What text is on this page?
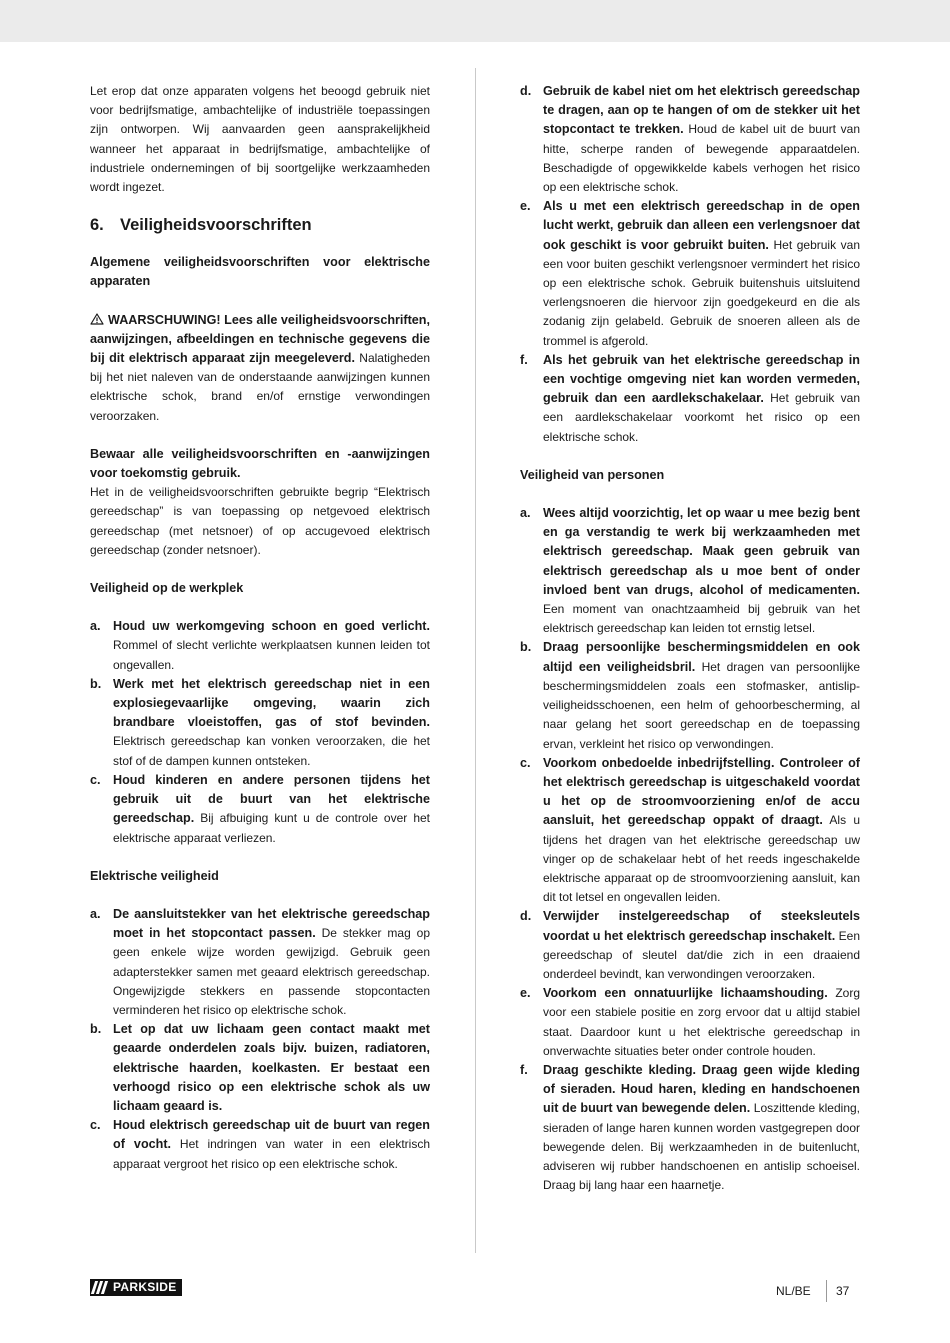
Let erop dat onze apparaten volgens het beoogd gebruik niet voor bedrijfsmatige, ambachtelijke of industriële toepassingen zijn ontworpen. Wij aanvaarden geen aansprakelijkheid wanneer het apparaat in bedrijfsmatige, ambachtelijke of industriele ondernemingen of bij soortgelijke werkzaamheden wordt ingezet.

6. Veiligheidsvoorschriften
Algemene veiligheidsvoorschriften voor elektrische apparaten

WAARSCHUWING! Lees alle veiligheidsvoorschriften, aanwijzingen, afbeeldingen en technische gegevens die bij dit elektrisch apparaat zijn meegeleverd. Nalatigheden bij het niet naleven van de onderstaande aanwijzingen kunnen elektrische schok, brand en/of ernstige verwondingen veroorzaken.

Bewaar alle veiligheidsvoorschriften en -aanwijzingen voor toekomstig gebruik.

Het in de veiligheidsvoorschriften gebruikte begrip “Elektrisch gereedschap” is van toepassing op netgevoed elektrisch gereedschap (met netsnoer) of op accugevoed elektrisch gereedschap (zonder netsnoer).

Veiligheid op de werkplek
a. Houd uw werkomgeving schoon en goed verlicht. Rommel of slecht verlichte werkplaatsen kunnen leiden tot ongevallen.
b. Werk met het elektrisch gereedschap niet in een explosiegevaarlijke omgeving, waarin zich brandbare vloeistoffen, gas of stof bevinden. Elektrisch gereedschap kan vonken veroorzaken, die het stof of de dampen kunnen ontsteken.
c. Houd kinderen en andere personen tijdens het gebruik uit de buurt van het elektrische gereedschap. Bij afbuiging kunt u de controle over het elektrische apparaat verliezen.
Elektrische veiligheid
a. De aansluitstekker van het elektrische gereedschap moet in het stopcontact passen. De stekker mag op geen enkele wijze worden gewijzigd. Gebruik geen adapterstekker samen met geaard elektrisch gereedschap. Ongewijzigde stekkers en passende stopcontacten verminderen het risico op elektrische schok.
b. Let op dat uw lichaam geen contact maakt met geaarde onderdelen zoals bijv. buizen, radiatoren, elektrische haarden, koelkasten. Er bestaat een verhoogd risico op een elektrische schok als uw lichaam geaard is.
c. Houd elektrisch gereedschap uit de buurt van regen of vocht. Het indringen van water in een elektrisch apparaat vergroot het risico op een elektrische schok.
d. Gebruik de kabel niet om het elektrisch gereedschap te dragen, aan op te hangen of om de stekker uit het stopcontact te trekken. Houd de kabel uit de buurt van hitte, scherpe randen of bewegende apparaatdelen. Beschadigde of opgewikkelde kabels verhogen het risico op een elektrische schok.
e. Als u met een elektrisch gereedschap in de open lucht werkt, gebruik dan alleen een verlengsnoer dat ook geschikt is voor gebruikt buiten. Het gebruik van een voor buiten geschikt verlengsnoer vermindert het risico op een elektrische schok. Gebruik buitenshuis uitsluitend verlengsnoeren die hiervoor zijn goedgekeurd en die als zodanig zijn gelabeld. Gebruik de snoeren alleen als de trommel is afgerold.
f.	Als het gebruik van het elektrische gereedschap in een vochtige omgeving niet kan worden vermeden, gebruik dan een aardlekschakelaar. Het gebruik van een aardlekschakelaar voorkomt het risico op een elektrische schok.
Veiligheid van personen
a. Wees altijd voorzichtig, let op waar u mee bezig bent en ga verstandig te werk bij werkzaamheden met elektrisch gereedschap. Maak geen gebruik van elektrisch gereedschap als u moe bent of onder invloed bent van drugs, alcohol of medicamenten. Een moment van onachtzaamheid bij gebruik van het elektrisch gereedschap kan leiden tot ernstig letsel.
b. Draag persoonlijke beschermingsmiddelen en ook altijd een veiligheidsbril. Het dragen van persoonlijke beschermingsmiddelen zoals een stofmasker, antislip-veiligheidsschoenen, een helm of gehoorbescherming, al naar gelang het soort gereedschap en de toepassing ervan, verkleint het risico op verwondingen.
c. Voorkom onbedoelde inbedrijfstelling. Controleer of het elektrisch gereedschap is uitgeschakeld voordat u het op de stroomvoorziening en/of de accu aansluit, het gereedschap oppakt of draagt. Als u tijdens het dragen van het elektrische gereedschap uw vinger op de schakelaar hebt of het reeds ingeschakelde elektrische apparaat op de stroomvoorziening aansluit, kan dit tot letsel en ongevallen leiden.
d. Verwijder instelgereedschap of steeksleutels voordat u het elektrisch gereedschap inschakelt. Een gereedschap of sleutel dat/die zich in een draaiend onderdeel bevindt, kan verwondingen veroorzaken.
e. Voorkom een onnatuurlijke lichaamshouding. Zorg voor een stabiele positie en zorg ervoor dat u altijd stabiel staat. Daardoor kunt u het elektrische gereedschap in onverwachte situaties beter onder controle houden.
f.	Draag geschikte kleding. Draag geen wijde kleding of sieraden. Houd haren, kleding en handschoenen uit de buurt van bewegende delen. Loszittende kleding, sieraden of lange haren kunnen worden vastgegrepen door bewegende delen. Bij werkzaamheden in de buitenlucht, adviseren wij rubber handschoenen en antislip schoeisel. Draag bij lang haar een haarnetje.
PARKSIDE	NL/BE 37
